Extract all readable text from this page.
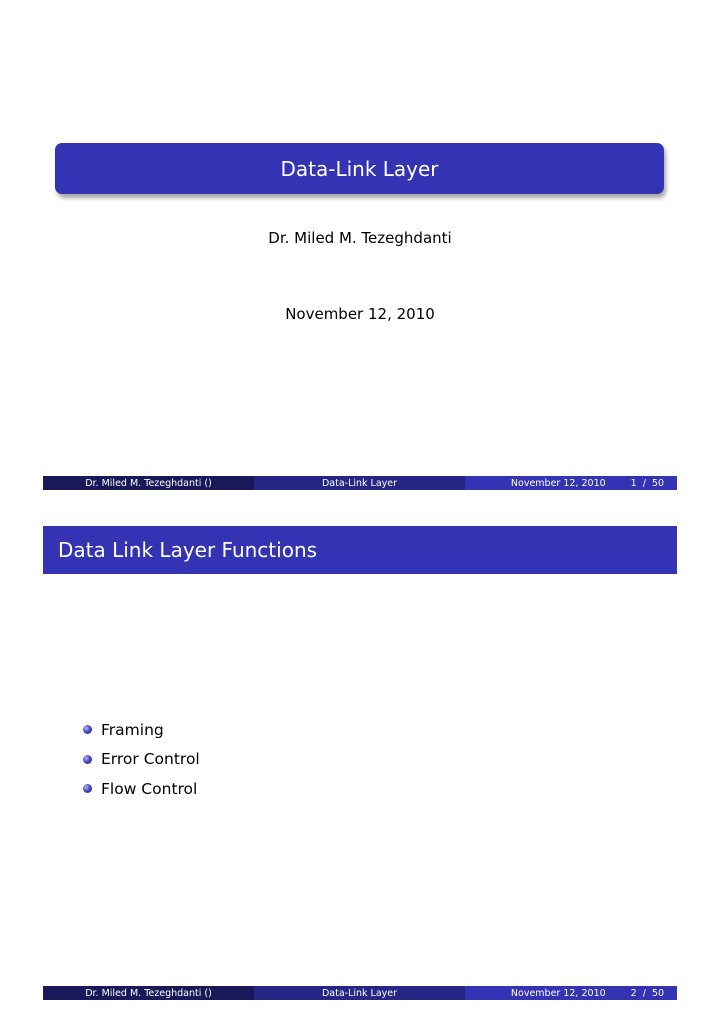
Data-Link Layer
Dr. Miled M. Tezeghdanti
November 12, 2010
Dr. Miled M. Tezeghdanti ()	Data-Link Layer	November 12, 2010	1 / 50
Data Link Layer Functions
Framing
Error Control
Flow Control
Dr. Miled M. Tezeghdanti ()	Data-Link Layer	November 12, 2010	2 / 50
